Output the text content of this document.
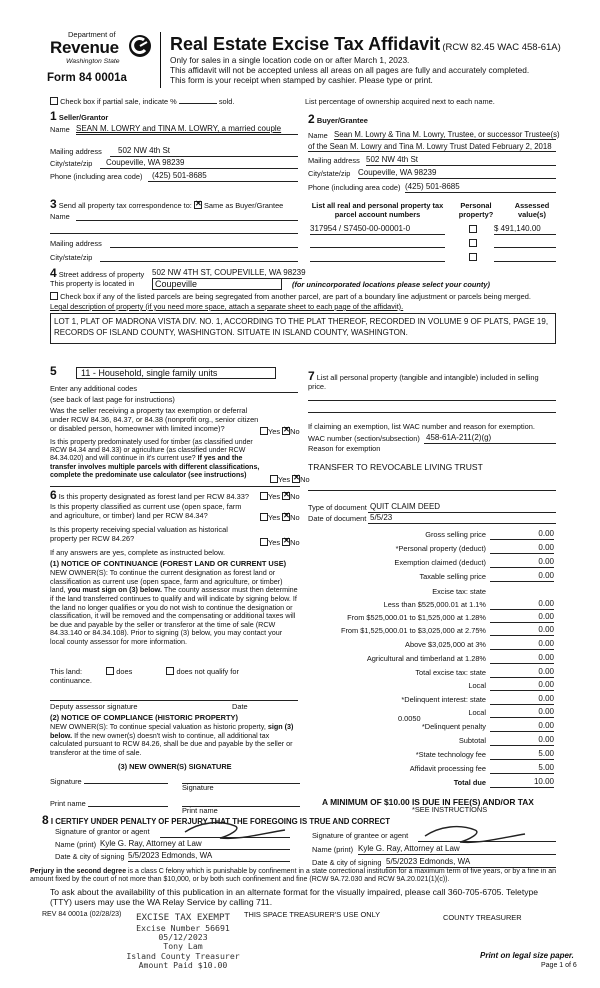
Department of
Revenue
Washington State
Form 84 0001a
Real Estate Excise Tax Affidavit (RCW 82.45 WAC 458-61A)
Only for sales in a single location code on or after March 1, 2023.
This affidavit will not be accepted unless all areas on all pages are fully and accurately completed.
This form is your receipt when stamped by cashier. Please type or print.
Check box if partial sale, indicate %	sold.	List percentage of ownership acquired next to each name.
1 Seller/Grantor
Name SEAN M. LOWRY and TINA M. LOWRY, a married couple
Mailing address	502 NW 4th St
City/state/zip	Coupeville, WA 98239
Phone (including area code)	(425) 501-8685
2 Buyer/Grantee
Name Sean M. Lowry & Tina M. Lowry, Trustee, or successor Trustee(s)
of the Sean M. Lowry and Tina M. Lowry Trust Dated February 2, 2018
Mailing address 502 NW 4th St
City/state/zip Coupeville, WA 98239
Phone (including area code) (425) 501-8685
3 Send all property tax correspondence to: ✕ Same as Buyer/Grantee
Name
Mailing address
City/state/zip
List all real and personal property tax parcel account numbers
Personal property?
Assessed value(s)
317954 / S7450-00-00001-0	$ 491,140.00
4 Street address of property 502 NW 4TH ST, COUPEVILLE, WA 98239
This property is located in	Coupeville	(for unincorporated locations please select your county)
Check box if any of the listed parcels are being segregated from another parcel, are part of a boundary line adjustment or parcels being merged.
Legal description of property (if you need more space, attach a separate sheet to each page of the affidavit).
LOT 1, PLAT OF MADRONA VISTA DIV. NO. 1, ACCORDING TO THE PLAT THEREOF, RECORDED IN VOLUME 9 OF PLATS, PAGE 19, RECORDS OF ISLAND COUNTY, WASHINGTON. SITUATE IN ISLAND COUNTY, WASHINGTON.
5	11 - Household, single family units
Enter any additional codes
(see back of last page for instructions)
Was the seller receiving a property tax exemption or deferral under RCW 84.36, 84.37, or 84.38 (nonprofit org., senior citizen or disabled person, homeowner with limited income)?	Yes ✕ No
Is this property predominately used for timber (as classified under RCW 84.34 and 84.33) or agriculture (as classified under RCW 84.34.020) and will continue in it's current use? If yes and the transfer involves multiple parcels with different classifications, complete the predominate use calculator (see instructions)	Yes ✕ No
6 Is this property designated as forest land per RCW 84.33?	Yes ✕ No
Is this property classified as current use (open space, farm and agriculture, or timber) land per RCW 84.34?	Yes ✕ No
Is this property receiving special valuation as historical property per RCW 84.26?	Yes ✕ No
If any answers are yes, complete as instructed below.
(1) NOTICE OF CONTINUANCE (FOREST LAND OR CURRENT USE)
NEW OWNER(S): To continue the current designation as forest land or classification as current use (open space, farm and agriculture, or timber) land, you must sign on (3) below. The county assessor must then determine if the land transferred continues to qualify and will indicate by signing below. If the land no longer qualifies or you do not wish to continue the designation or classification, it will be removed and the compensating or additional taxes will be due and payable by the seller or transferor at the time of sale (RCW 84.33.140 or 84.34.108). Prior to signing (3) below, you may contact your local county assessor for more information.
This land:	does	does not qualify for
continuance.
Deputy assessor signature	Date
(2) NOTICE OF COMPLIANCE (HISTORIC PROPERTY)
NEW OWNER(S): To continue special valuation as historic property, sign (3) below. If the new owner(s) doesn't wish to continue, all additional tax calculated pursuant to RCW 84.26, shall be due and payable by the seller or transferor at the time of sale.
(3) NEW OWNER(S) SIGNATURE
Signature
Signature
Print name
Print name
7 List all personal property (tangible and intangible) included in selling price.
If claiming an exemption, list WAC number and reason for exemption.
WAC number (section/subsection) 458-61A-211(2)(g)
Reason for exemption
TRANSFER TO REVOCABLE LIVING TRUST
Type of document QUIT CLAIM DEED
Date of document 5/5/23
0.0050
A MINIMUM OF $10.00 IS DUE IN FEE(S) AND/OR TAX
*SEE INSTRUCTIONS
8 I CERTIFY UNDER PENALTY OF PERJURY THAT THE FOREGOING IS TRUE AND CORRECT
Signature of grantor or agent
Name (print) Kyle G. Ray, Attorney at Law
Date & city of signing 5/5/2023 Edmonds, WA
Signature of grantee or agent
Name (print) Kyle G. Ray, Attorney at Law
Date & city of signing 5/5/2023 Edmonds, WA
Perjury in the second degree is a class C felony which is punishable by confinement in a state correctional institution for a maximum term of five years, or by a fine in an amount fixed by the court of not more than $10,000, or by both such confinement and fine (RCW 9A.72.030 and RCW 9A.20.021(1)(c)).
To ask about the availability of this publication in an alternate format for the visually impaired, please call 360-705-6705. Teletype (TTY) users may use the WA Relay Service by calling 711.
REV 84 0001a (02/28/23)	THIS SPACE TREASURER'S USE ONLY	COUNTY TREASURER
Print on legal size paper.
Page 1 of 6
EXCISE TAX EXEMPT
Excise Number 56691
05/12/2023
Tony Lam
Island County Treasurer
Amount Paid $10.00
Gross selling price	0.00
*Personal property (deduct)	0.00
Exemption claimed (deduct)	0.00
Taxable selling price	0.00
Excise tax: state
Less than $525,000.01 at 1.1%	0.00
From $525,000.01 to $1,525,000 at 1.28%	0.00
From $1,525,000.01 to $3,025,000 at 2.75%	0.00
Above $3,025,000 at 3%	0.00
Agricultural and timberland at 1.28%	0.00
Total excise tax: state	0.00
Local	0.00
*Delinquent interest: state	0.00
Local	0.00
*Delinquent penalty	0.00
Subtotal	0.00
*State technology fee	5.00
Affidavit processing fee	5.00
Total due	10.00
